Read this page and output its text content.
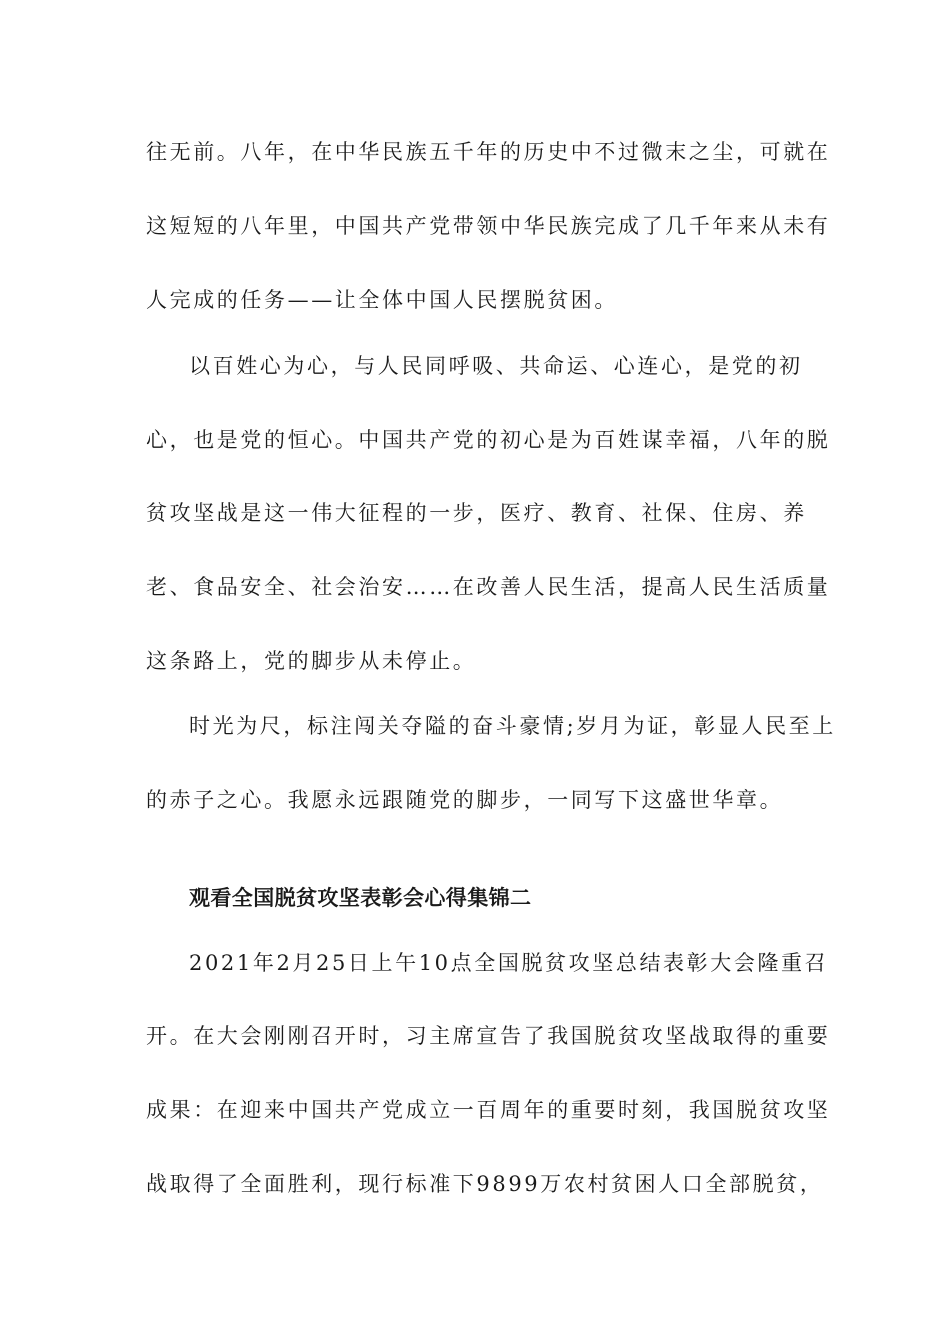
往无前。八年，在中华民族五千年的历史中不过微末之尘，可就在
这短短的八年里，中国共产党带领中华民族完成了几千年来从未有
人完成的任务——让全体中国人民摆脱贫困。
以百姓心为心，与人民同呼吸、共命运、心连心，是党的初
心，也是党的恒心。中国共产党的初心是为百姓谋幸福，八年的脱
贫攻坚战是这一伟大征程的一步，医疗、教育、社保、住房、养
老、食品安全、社会治安……在改善人民生活，提高人民生活质量
这条路上，党的脚步从未停止。
时光为尺，标注闯关夺隘的奋斗豪情;岁月为证，彰显人民至上
的赤子之心。我愿永远跟随党的脚步，一同写下这盛世华章。
观看全国脱贫攻坚表彰会心得集锦二
2021年2月25日上午10点全国脱贫攻坚总结表彰大会隆重召
开。在大会刚刚召开时，习主席宣告了我国脱贫攻坚战取得的重要
成果：在迎来中国共产党成立一百周年的重要时刻，我国脱贫攻坚
战取得了全面胜利，现行标准下9899万农村贫困人口全部脱贫，
